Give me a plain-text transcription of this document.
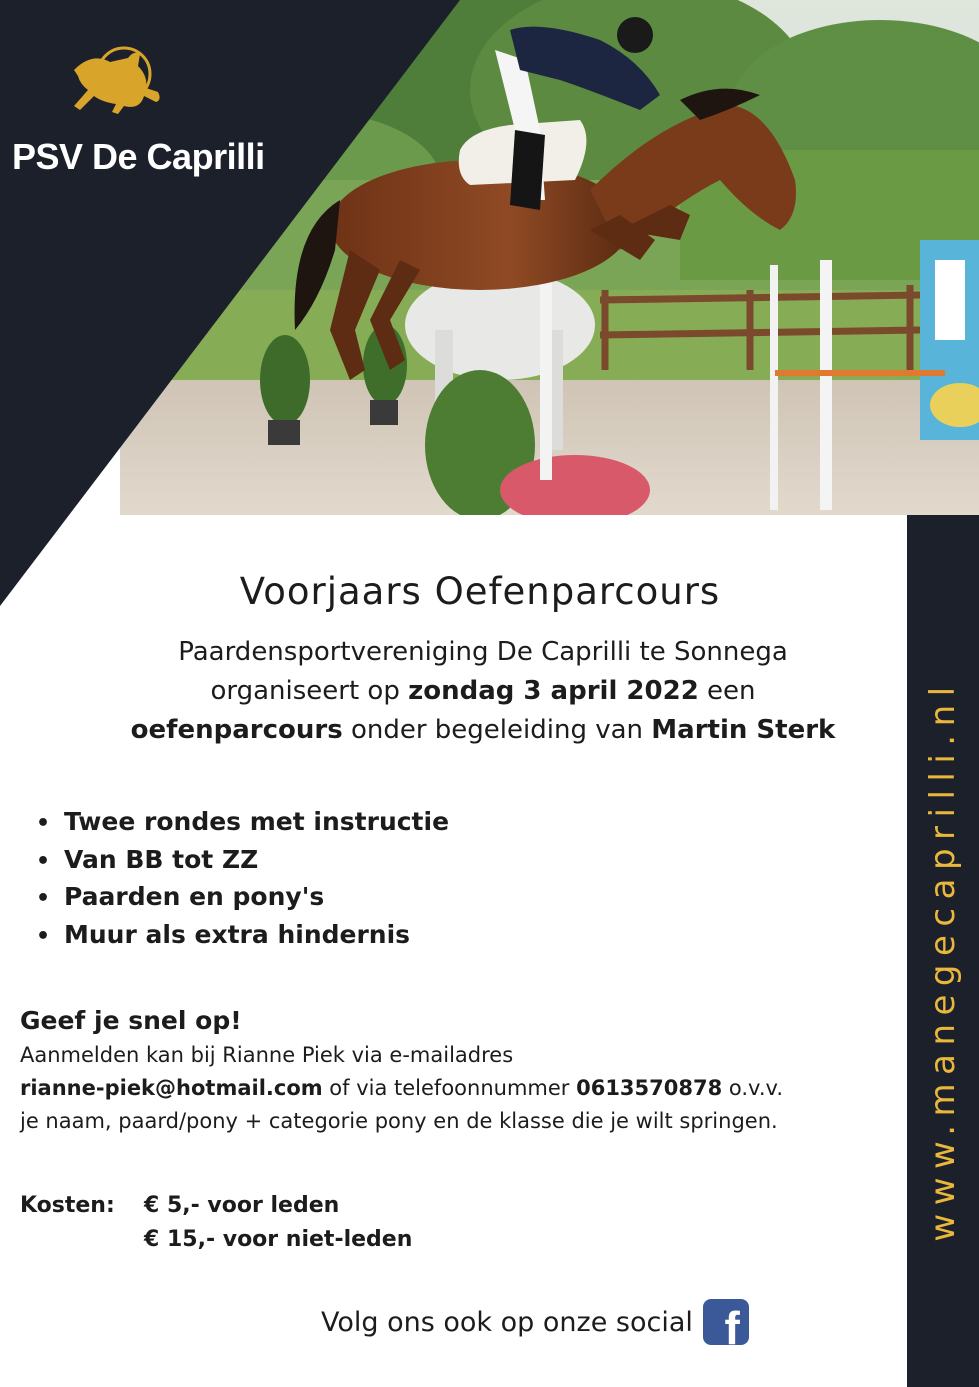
PSV De Caprilli
www.manegecaprilli.nl
Voorjaars Oefenparcours
Paardensportvereniging De Caprilli te Sonnega
organiseert op zondag 3 april 2022 een
oefenparcours onder begeleiding van Martin Sterk
• Twee rondes met instructie
• Van BB tot ZZ
• Paarden en pony's
• Muur als extra hindernis
Geef je snel op!
Aanmelden kan bij Rianne Piek via e-mailadres
rianne-piek@hotmail.com of via telefoonnummer 0613570878 o.v.v.
je naam, paard/pony + categorie pony en de klasse die je wilt springen.
Kosten:	€ 5,- voor leden
€ 15,- voor niet-leden
Volg ons ook op onze social f
